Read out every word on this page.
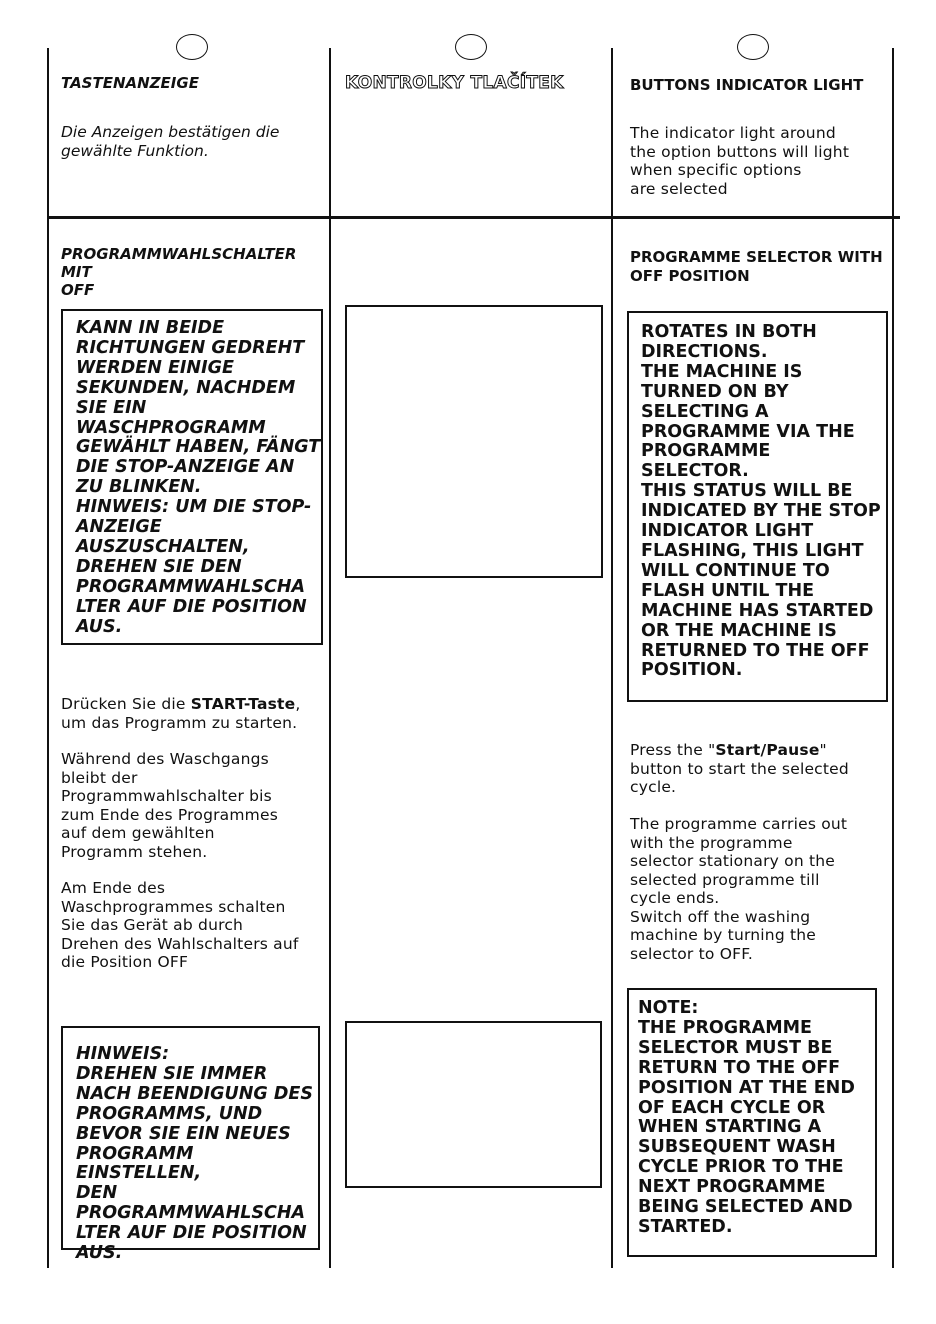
TASTENANZEIGE
Die Anzeigen bestätigen die
gewählte Funktion.
PROGRAMMWAHLSCHALTER MIT
OFF
KANN IN BEIDE
RICHTUNGEN GEDREHT
WERDEN EINIGE
SEKUNDEN, NACHDEM
SIE EIN
WASCHPROGRAMM
GEWÄHLT HABEN, FÄNGT
DIE STOP-ANZEIGE AN
ZU BLINKEN.
HINWEIS: UM DIE STOP-
ANZEIGE
AUSZUSCHALTEN,
DREHEN SIE DEN
PROGRAMMWAHLSCHA
LTER AUF DIE POSITION
AUS.
Drücken Sie die START-Taste,
um das Programm zu starten.
Während des Waschgangs
bleibt der
Programmwahlschalter bis
zum Ende des Programmes
auf dem gewählten
Programm stehen.
Am Ende des
Waschprogrammes schalten
Sie das Gerät ab durch
Drehen des Wahlschalters auf
die Position OFF
HINWEIS:
DREHEN SIE IMMER
NACH BEENDIGUNG DES
PROGRAMMS, UND
BEVOR SIE EIN NEUES
PROGRAMM EINSTELLEN,
DEN
PROGRAMMWAHLSCHA
LTER AUF DIE POSITION
AUS.
KONTROLKY TLAČÍTEK	BUTTONS INDICATOR LIGHT
The indicator light around
the option buttons will light
when specific options
are selected
PROGRAMME SELECTOR WITH
OFF POSITION
ROTATES IN BOTH
DIRECTIONS.
THE MACHINE IS
TURNED ON BY
SELECTING A
PROGRAMME VIA THE
PROGRAMME
SELECTOR.
THIS STATUS WILL BE
INDICATED BY THE STOP
INDICATOR LIGHT
FLASHING, THIS LIGHT
WILL CONTINUE TO
FLASH UNTIL THE
MACHINE HAS STARTED
OR THE MACHINE IS
RETURNED TO THE OFF
POSITION.
Press the "Start/Pause"
button to start the selected
cycle.
The programme carries out
with the programme
selector stationary on the
selected programme till
cycle ends.
Switch off the washing
machine by turning the
selector to OFF.
NOTE:
THE PROGRAMME
SELECTOR MUST BE
RETURN TO THE OFF
POSITION AT THE END
OF EACH CYCLE OR
WHEN STARTING A
SUBSEQUENT WASH
CYCLE PRIOR TO THE
NEXT PROGRAMME
BEING SELECTED AND
STARTED.
